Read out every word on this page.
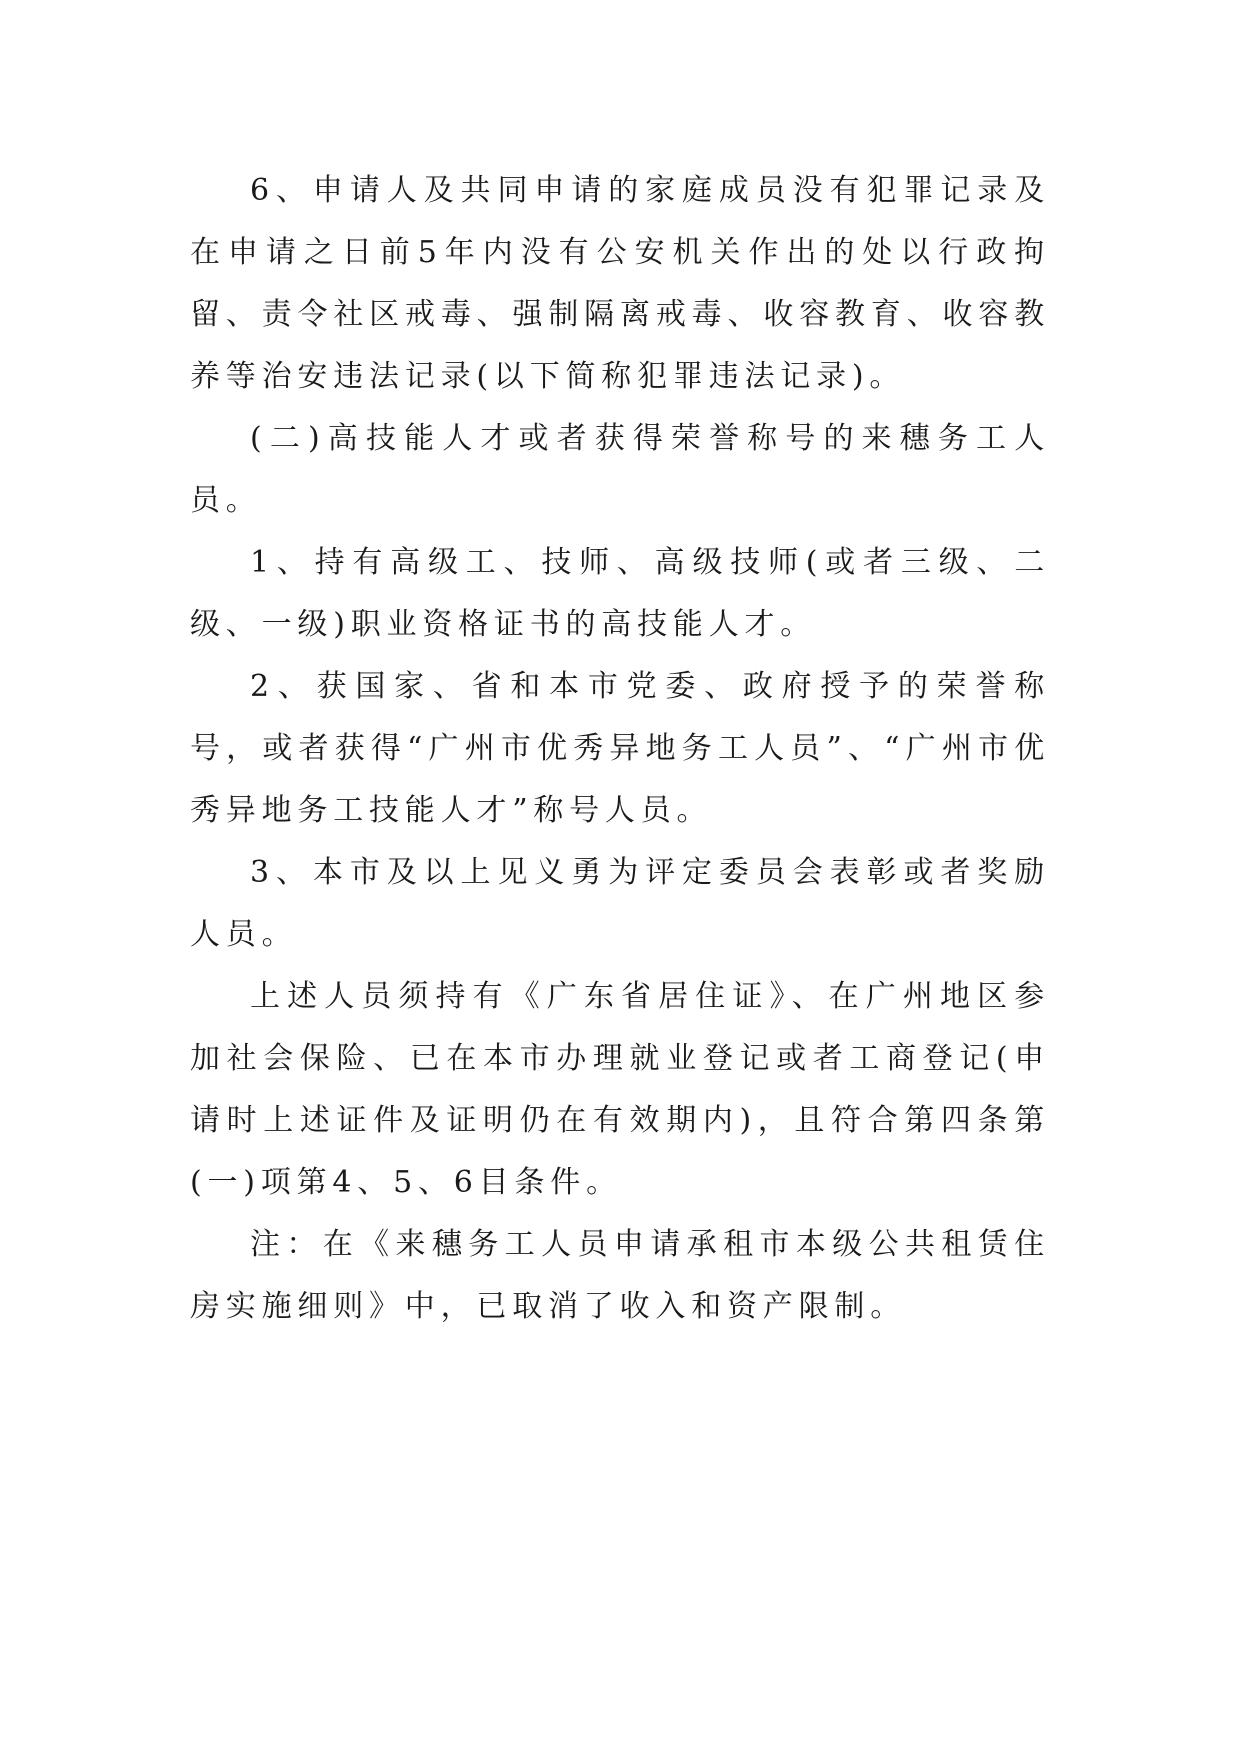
6、申请人及共同申请的家庭成员没有犯罪记录及在申请之日前5年内没有公安机关作出的处以行政拘留、责令社区戒毒、强制隔离戒毒、收容教育、收容教养等治安违法记录(以下简称犯罪违法记录)。

(二)高技能人才或者获得荣誉称号的来穗务工人员。

1、持有高级工、技师、高级技师(或者三级、二级、一级)职业资格证书的高技能人才。

2、获国家、省和本市党委、政府授予的荣誉称号，或者获得“广州市优秀异地务工人员”、“广州市优秀异地务工技能人才”称号人员。

3、本市及以上见义勇为评定委员会表彰或者奖励人员。

上述人员须持有《广东省居住证》、在广州地区参加社会保险、已在本市办理就业登记或者工商登记(申请时上述证件及证明仍在有效期内)，且符合第四条第(一)项第4、5、6目条件。

注：在《来穗务工人员申请承租市本级公共租赁住房实施细则》中，已取消了收入和资产限制。
